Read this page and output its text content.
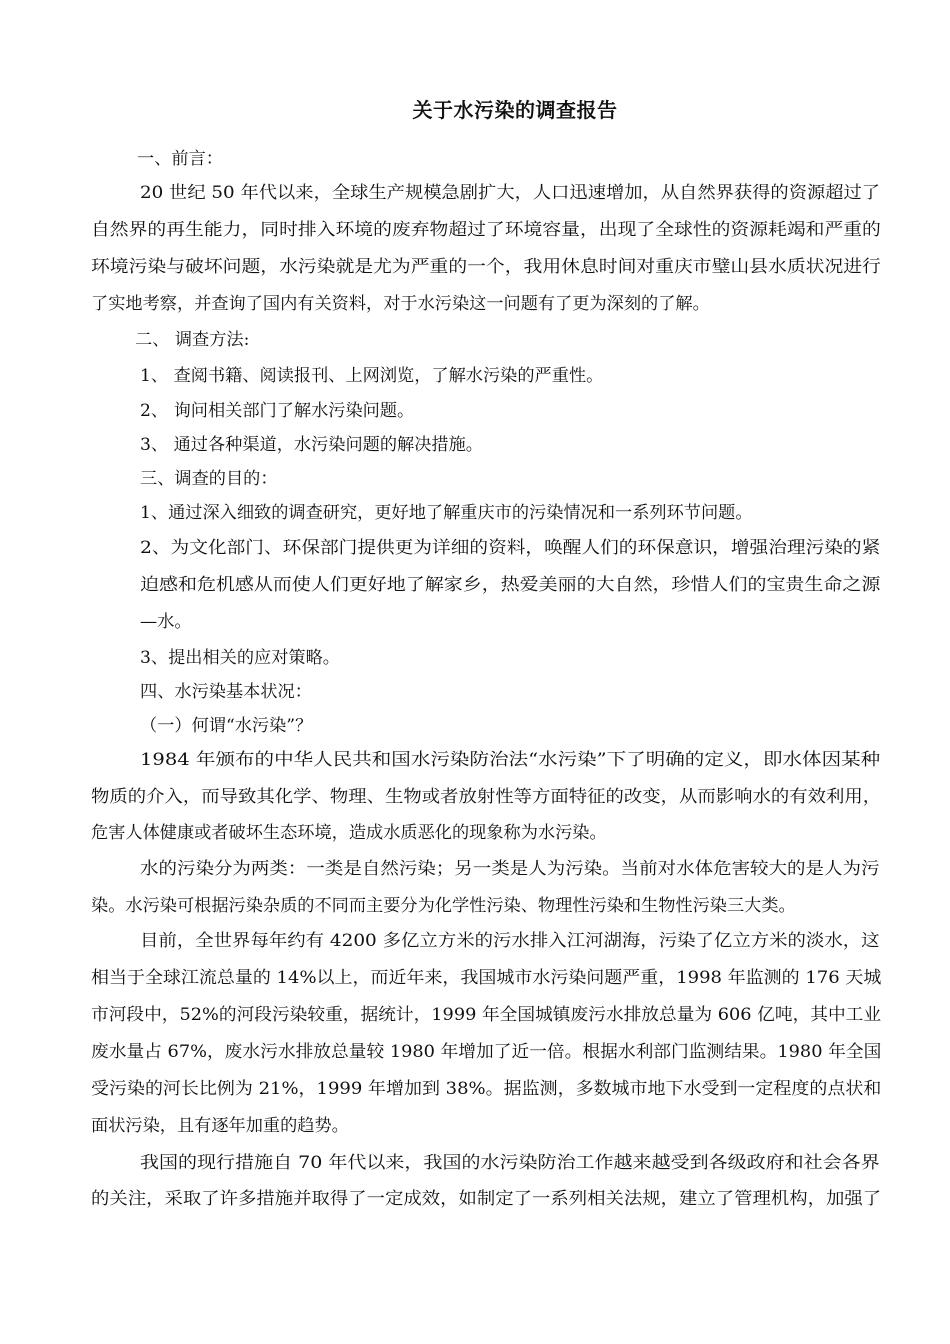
关于水污染的调查报告
一、前言：
20 世纪 50 年代以来，全球生产规模急剧扩大，人口迅速增加，从自然界获得的资源超过了
自然界的再生能力，同时排入环境的废弃物超过了环境容量，出现了全球性的资源耗竭和严重的
环境污染与破坏问题，水污染就是尤为严重的一个，我用休息时间对重庆市璧山县水质状况进行
了实地考察，并查询了国内有关资料，对于水污染这一问题有了更为深刻的了解。
二、 调查方法:
1、 查阅书籍、阅读报刊、上网浏览，了解水污染的严重性。
2、 询问相关部门了解水污染问题。
3、 通过各种渠道，水污染问题的解决措施。
三、调查的目的：
1、通过深入细致的调查研究，更好地了解重庆市的污染情况和一系列环节问题。
2、为文化部门、环保部门提供更为详细的资料，唤醒人们的环保意识，增强治理污染的紧
迫感和危机感从而使人们更好地了解家乡，热爱美丽的大自然，珍惜人们的宝贵生命之源
—水。
3、提出相关的应对策略。
四、水污染基本状况：
（一）何谓“水污染”？
1984 年颁布的中华人民共和国水污染防治法“水污染”下了明确的定义，即水体因某种
物质的介入，而导致其化学、物理、生物或者放射性等方面特征的改变，从而影响水的有效利用，
危害人体健康或者破坏生态环境，造成水质恶化的现象称为水污染。
水的污染分为两类：一类是自然污染；另一类是人为污染。当前对水体危害较大的是人为污
染。水污染可根据污染杂质的不同而主要分为化学性污染、物理性污染和生物性污染三大类。
目前，全世界每年约有 4200 多亿立方米的污水排入江河湖海，污染了亿立方米的淡水，这
相当于全球江流总量的 14%以上，而近年来，我国城市水污染问题严重，1998 年监测的 176 天城
市河段中，52%的河段污染较重，据统计，1999 年全国城镇废污水排放总量为 606 亿吨，其中工业
废水量占 67%，废水污水排放总量较 1980 年增加了近一倍。根据水利部门监测结果。1980 年全国
受污染的河长比例为 21%，1999 年增加到 38%。据监测，多数城市地下水受到一定程度的点状和
面状污染，且有逐年加重的趋势。
我国的现行措施自 70 年代以来，我国的水污染防治工作越来越受到各级政府和社会各界
的关注，采取了许多措施并取得了一定成效，如制定了一系列相关法规，建立了管理机构，加强了
